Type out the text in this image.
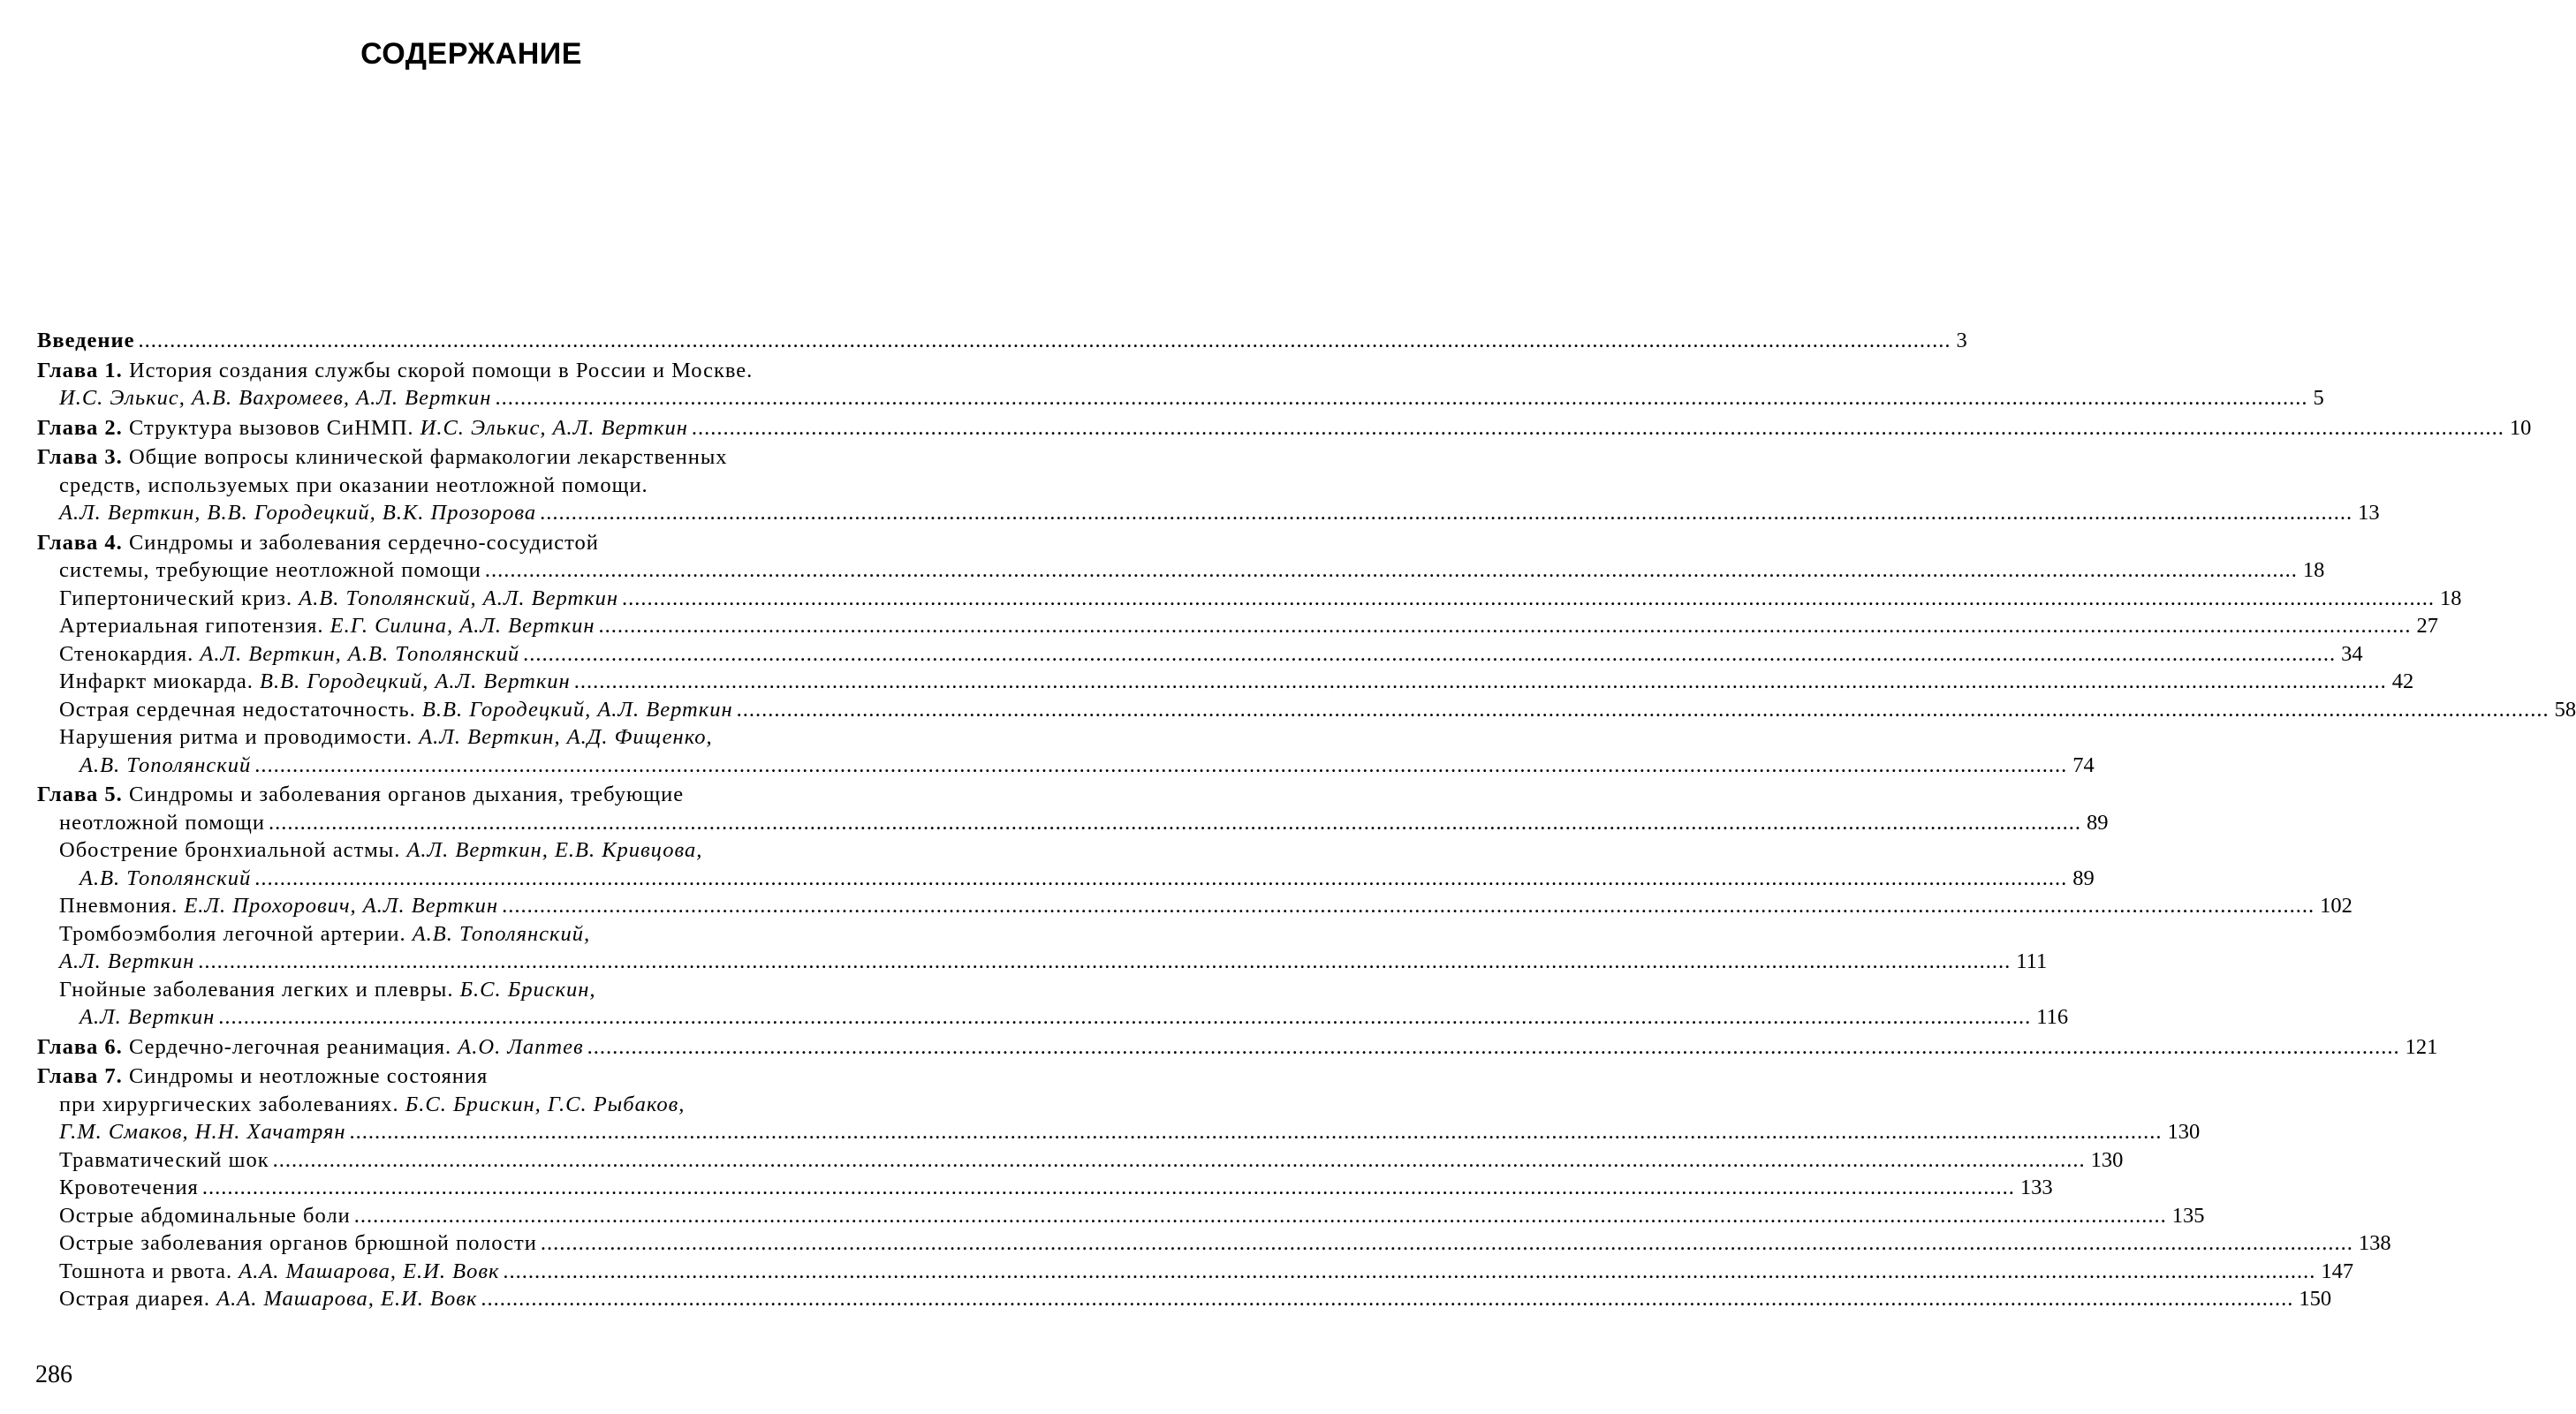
СОДЕРЖАНИЕ
Введение .....	3
Глава 1. История создания службы скорой помощи в России и Москве.
И.С. Элькис, А.В. Вахромеев, А.Л. Верткин .....	5
Глава 2. Структура вызовов СиНМП. И.С. Элькис, А.Л. Верткин .....	10
Глава 3. Общие вопросы клинической фармакологии лекарственных
средств, используемых при оказании неотложной помощи.
А.Л. Верткин, В.В. Городецкий, В.К. Прозорова .....	13
Глава 4. Синдромы и заболевания сердечно-сосудистой
системы, требующие неотложной помощи .....	18
Гипертонический криз. А.В. Тополянский, А.Л. Верткин .....	18
Артериальная гипотензия. Е.Г. Силина, А.Л. Верткин .....	27
Стенокардия. А.Л. Верткин, А.В. Тополянский .....	34
Инфаркт миокарда. В.В. Городецкий, А.Л. Верткин .....	42
Острая сердечная недостаточность. В.В. Городецкий, А.Л. Верткин .....	58
Нарушения ритма и проводимости. А.Л. Верткин, А.Д. Фищенко,
А.В. Тополянский .....	74
Глава 5. Синдромы и заболевания органов дыхания, требующие
неотложной помощи .....	89
Обострение бронхиальной астмы. А.Л. Верткин, Е.В. Кривцова,
А.В. Тополянский .....	89
Пневмония. Е.Л. Прохорович, А.Л. Верткин .....	102
Тромбоэмболия легочной артерии. А.В. Тополянский,
А.Л. Верткин .....	111
Гнойные заболевания легких и плевры. Б.С. Брискин,
А.Л. Верткин .....	116
Глава 6. Сердечно-легочная реанимация. А.О. Лаптев .....	121
Глава 7. Синдромы и неотложные состояния
при хирургических заболеваниях. Б.С. Брискин, Г.С. Рыбаков,
Г.М. Смаков, Н.Н. Хачатрян .....	130
Травматический шок .....	130
Кровотечения .....	133
Острые абдоминальные боли .....	135
Острые заболевания органов брюшной полости .....	138
Тошнота и рвота. А.А. Машарова, Е.И. Вовк .....	147
Острая диарея. А.А. Машарова, Е.И. Вовк .....	150

286
